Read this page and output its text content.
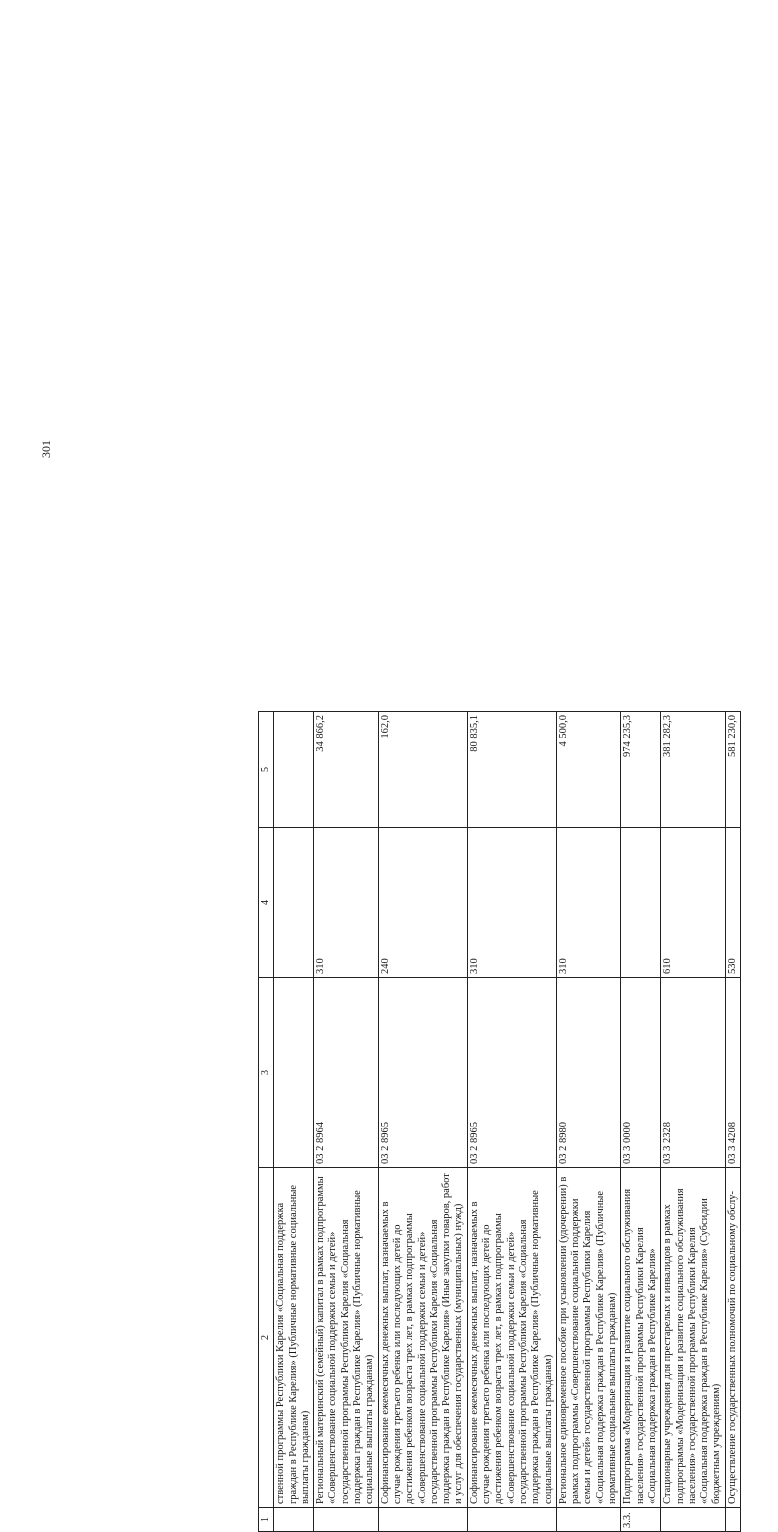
301
1	2	3	4	5
	ственной программы Республики Карелия «Социальная поддержка граждан в Республике Карелия» (Публичные нормативные социальные выплаты гражданам)			
	Региональный материнский (семейный) капитал в рамках подпрограммы «Совершенствование социальной поддержки семьи и детей» государственной программы Республики Карелия «Социальная поддержка граждан в Республике Карелия» (Публичные нормативные социальные выплаты гражданам)	03 2 8964	310	34 866,2
	Софинансирование ежемесячных денежных выплат, назначаемых в случае рождения третьего ребенка или последующих детей до достижения ребенком возраста трех лет, в рамках подпрограммы «Совершенствование социальной поддержки семьи и детей» государственной программы Республики Карелия «Социальная поддержка граждан в Республике Карелия» (Иные закупки товаров, работ и услуг для обеспечения государственных (муниципальных) нужд)	03 2 8965	240	162,0
	Софинансирование ежемесячных денежных выплат, назначаемых в случае рождения третьего ребенка или последующих детей до достижения ребенком возраста трех лет, в рамках подпрограммы «Совершенствование социальной поддержки семьи и детей» государственной программы Республики Карелия «Социальная поддержка граждан в Республике Карелия» (Публичные нормативные социальные выплаты гражданам)	03 2 8965	310	80 835,1
	Региональное единовременное пособие при усыновлении (удочерении) в рамках подпрограммы «Совершенствование социальной поддержки семьи и детей» государственной программы Республики Карелия «Социальная поддержка граждан в Республике Карелия» (Публичные нормативные социальные выплаты гражданам)	03 2 8980	310	4 500,0
3.3.	Подпрограмма «Модернизация и развитие социального обслуживания населения» государственной программы Республики Карелия «Социальная поддержка граждан в Республике Карелия»	03 3 0000		974 235,3
	Стационарные учреждения для престарелых и инвалидов в рамках подпрограммы «Модернизация и развитие социального обслуживания населения» государственной программы Республики Карелия «Социальная поддержка граждан в Республике Карелия» (Субсидии бюджетным учреждениям)	03 3 2328	610	381 282,3
	Осуществление государственных полномочий по социальному обслу-	03 3 4208	530	581 230,0
